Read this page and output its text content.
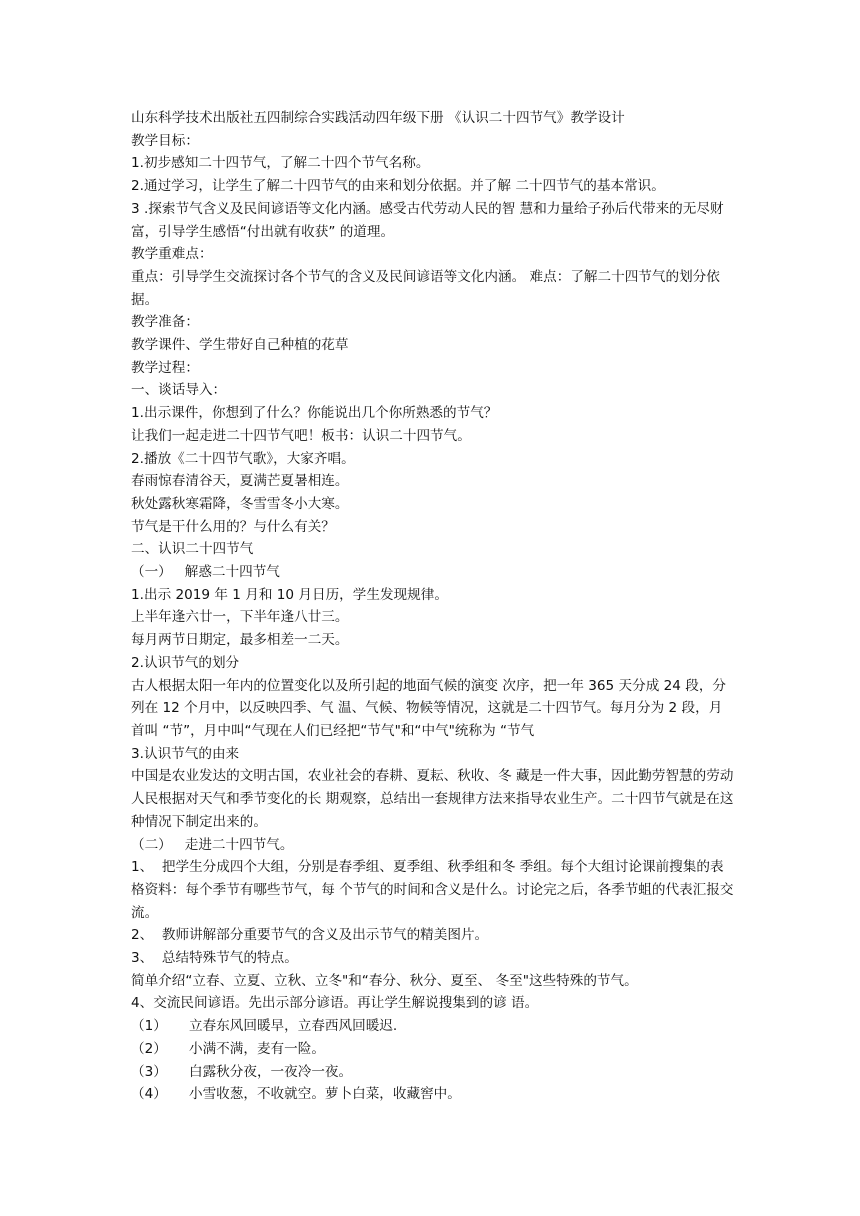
山东科学技术出版社五四制综合实践活动四年级下册 《认识二十四节气》教学设计

教学目标：

1.初步感知二十四节气，了解二十四个节气名称。

2.通过学习，让学生了解二十四节气的由来和划分依据。并了解 二十四节气的基本常识。

3 .探索节气含义及民间谚语等文化内涵。感受古代劳动人民的智 慧和力量给子孙后代带来的无尽财富，引导学生感悟“付出就有收获” 的道理。

教学重难点：

重点：引导学生交流探讨各个节气的含义及民间谚语等文化内涵。 难点：了解二十四节气的划分依据。

教学准备：

教学课件、学生带好自己种植的花草

教学过程：

一、谈话导入：

1.出示课件，你想到了什么？你能说出几个你所熟悉的节气？

让我们一起走进二十四节气吧！板书：认识二十四节气。

2.播放《二十四节气歌》，大家齐唱。

春雨惊春清谷天，夏满芒夏暑相连。

秋处露秋寒霜降，冬雪雪冬小大寒。

节气是干什么用的？与什么有关？

二、认识二十四节气

（一）   解惑二十四节气

1.出示 2019 年 1 月和 10 月日历，学生发现规律。

上半年逢六廿一，下半年逢八廿三。

每月两节日期定，最多相差一二天。

2.认识节气的划分

古人根据太阳一年内的位置变化以及所引起的地面气候的演变 次序，把一年 365 天分成 24 段，分列在 12 个月中，以反映四季、气 温、气候、物候等情况，这就是二十四节气。每月分为 2 段，月首叫 “节”，月中叫“气现在人们已经把“节气"和“中气"统称为 “节气

3.认识节气的由来

中国是农业发达的文明古国，农业社会的春耕、夏耘、秋收、冬 藏是一件大事，因此勤劳智慧的劳动人民根据对天气和季节变化的长 期观察，总结出一套规律方法来指导农业生产。二十四节气就是在这 种情况下制定出来的。

（二）   走进二十四节气。

1、  把学生分成四个大组，分别是春季组、夏季组、秋季组和冬 季组。每个大组讨论课前搜集的表格资料：每个季节有哪些节气，每 个节气的时间和含义是什么。讨论完之后，各季节蛆的代表汇报交流。

2、  教师讲解部分重要节气的含义及出示节气的精美图片。

3、  总结特殊节气的特点。

简单介绍“立春、立夏、立秋、立冬"和“春分、秋分、夏至、 冬至"这些特殊的节气。

4、交流民间谚语。先出示部分谚语。再让学生解说搜集到的谚 语。

（1）	立春东风回暖早，立春西风回暖迟.
（2）	小满不满，麦有一险。
（3）	白露秋分夜，一夜冷一夜。
（4）	小雪收葱，不收就空。萝卜白菜，收藏窖中。
